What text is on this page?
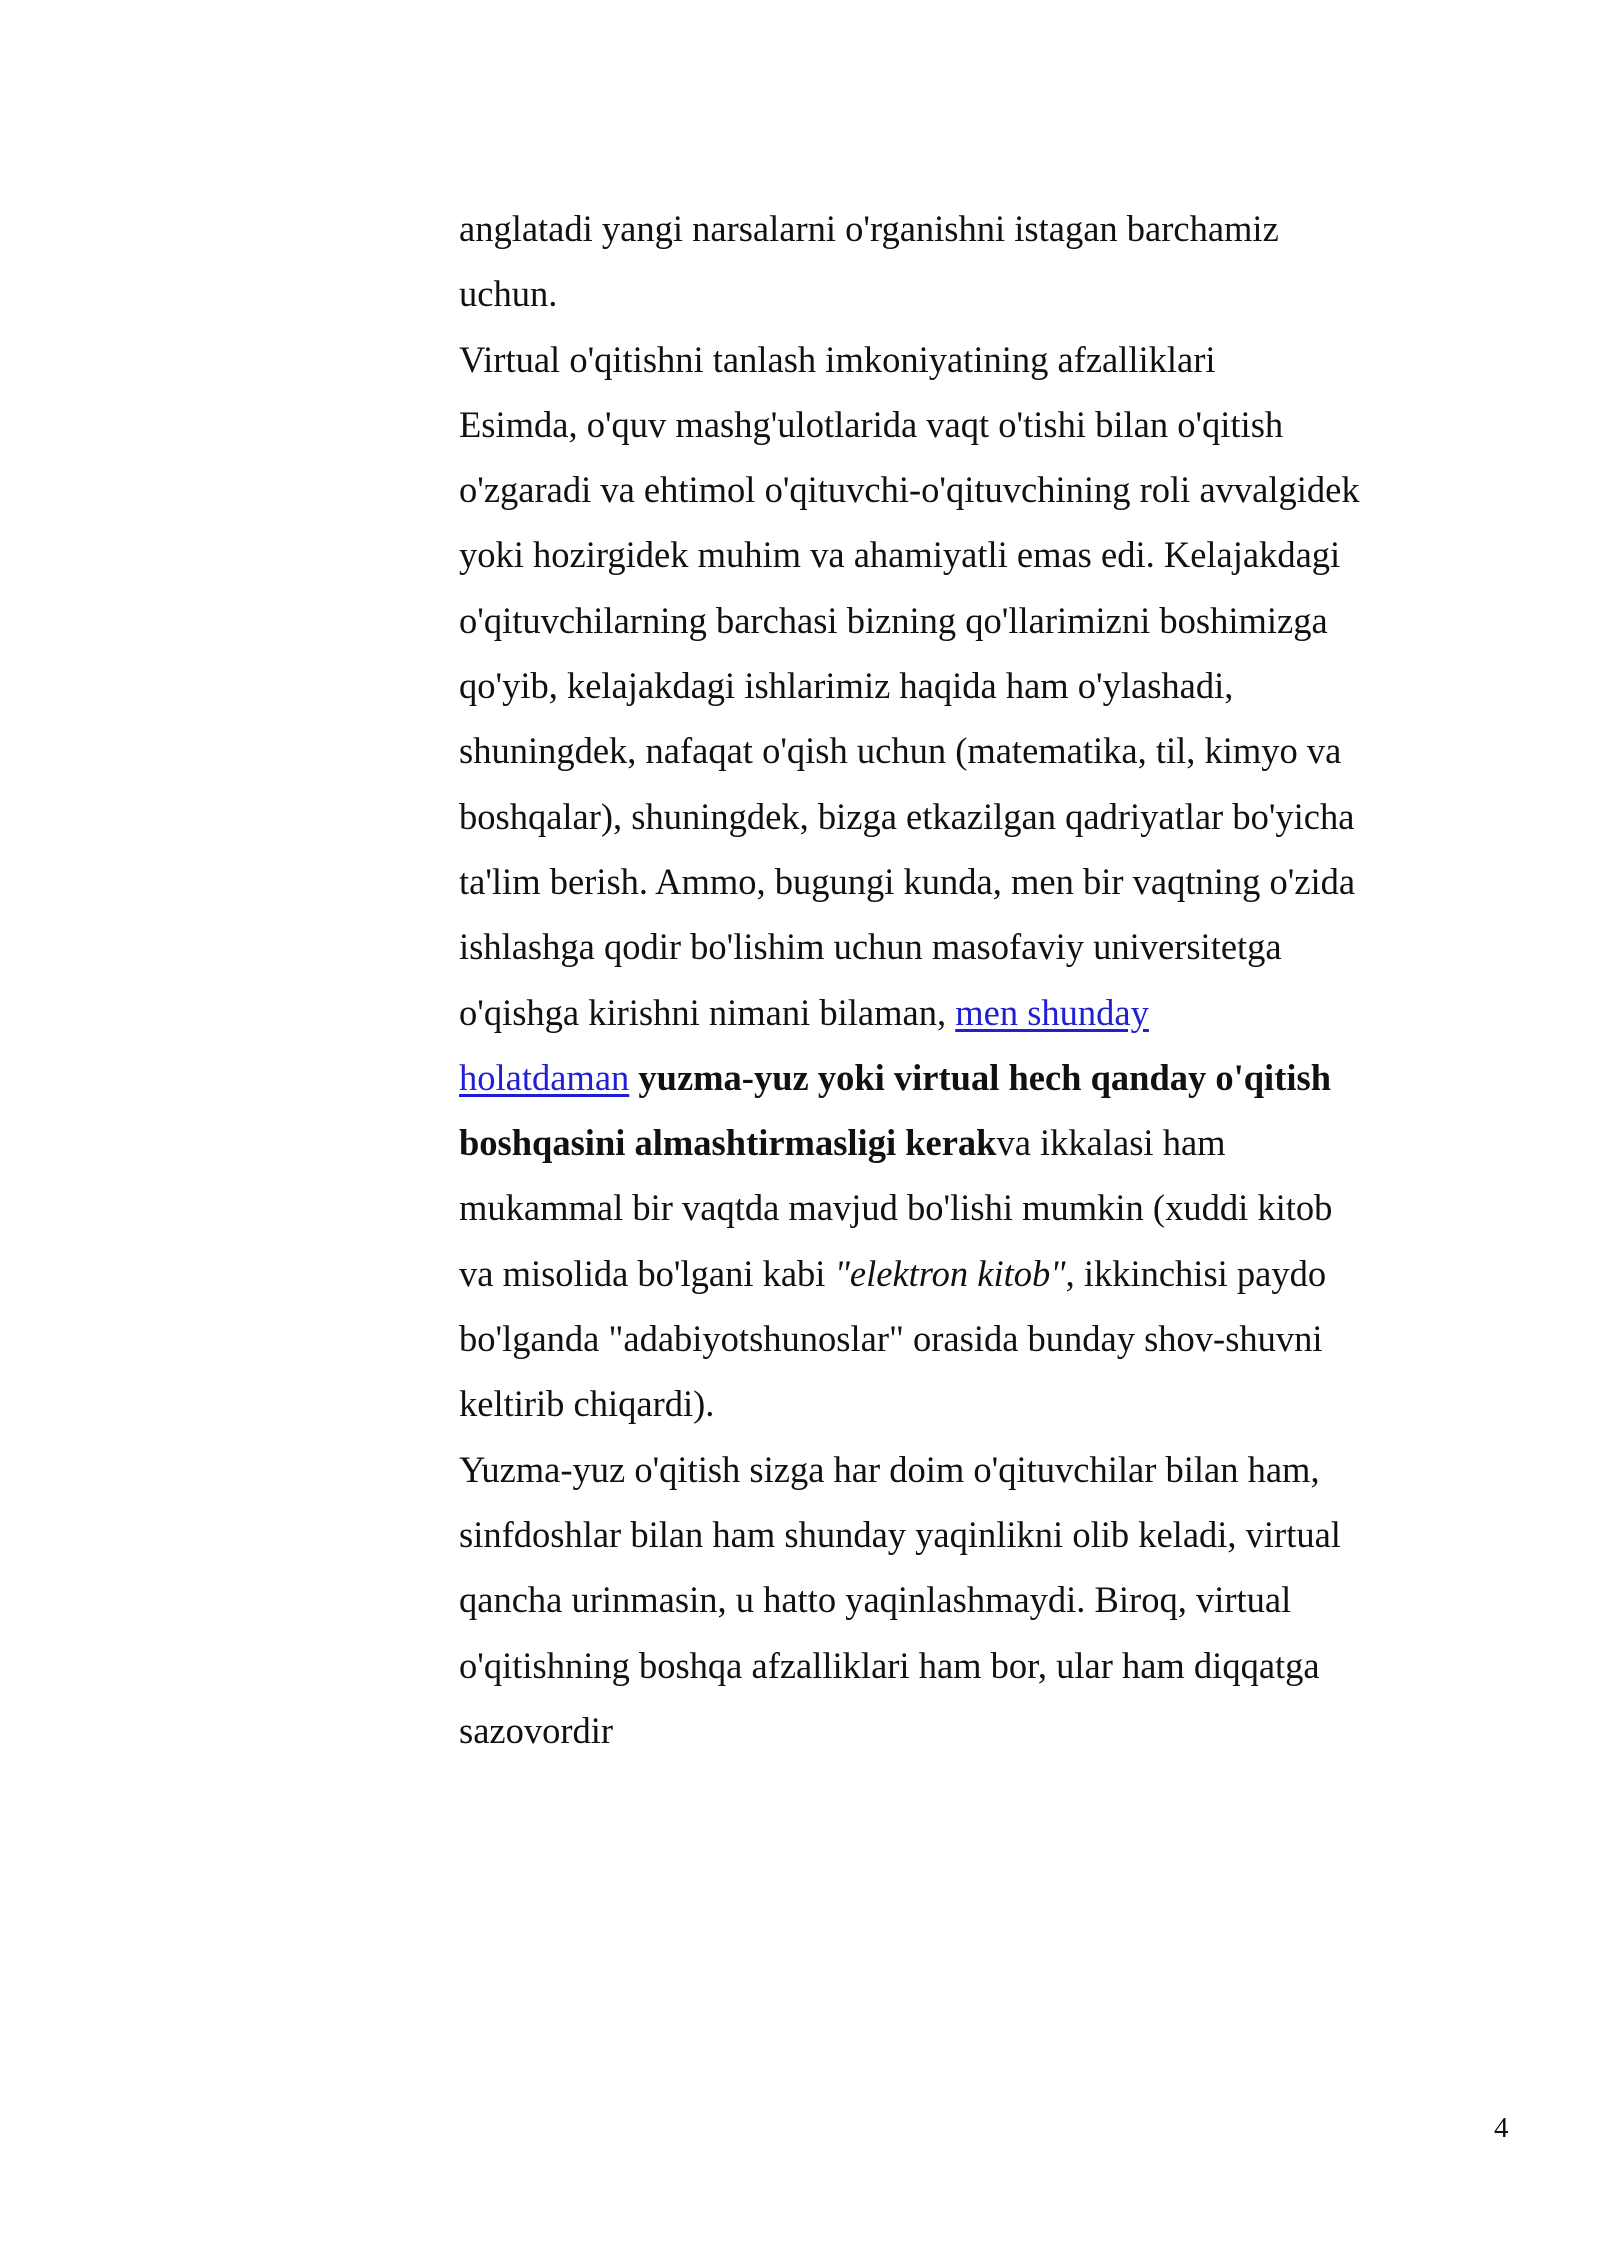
anglatadi yangi narsalarni o'rganishni istagan barchamiz
uchun.
Virtual o'qitishni tanlash imkoniyatining afzalliklari
Esimda, o'quv mashg'ulotlarida vaqt o'tishi bilan o'qitish
o'zgaradi va ehtimol o'qituvchi-o'qituvchining roli avvalgidek
yoki hozirgidek muhim va ahamiyatli emas edi. Kelajakdagi
o'qituvchilarning barchasi bizning qo'llarimizni boshimizga
qo'yib, kelajakdagi ishlarimiz haqida ham o'ylashadi,
shuningdek, nafaqat o'qish uchun (matematika, til, kimyo va
boshqalar), shuningdek, bizga etkazilgan qadriyatlar bo'yicha
ta'lim berish. Ammo, bugungi kunda, men bir vaqtning o'zida
ishlashga qodir bo'lishim uchun masofaviy universitetga
o'qishga kirishni nimani bilaman, men shunday
holatdaman yuzma-yuz yoki virtual hech qanday o'qitish
boshqasini almashtirmasligi kerakva ikkalasi ham
mukammal bir vaqtda mavjud bo'lishi mumkin (xuddi kitob
va misolida bo'lgani kabi "elektron kitob", ikkinchisi paydo
bo'lganda "adabiyotshunoslar" orasida bunday shov-shuvni
keltirib chiqardi).
Yuzma-yuz o'qitish sizga har doim o'qituvchilar bilan ham,
sinfdoshlar bilan ham shunday yaqinlikni olib keladi, virtual
qancha urinmasin, u hatto yaqinlashmaydi. Biroq, virtual
o'qitishning boshqa afzalliklari ham bor, ular ham diqqatga
sazovordir
4
